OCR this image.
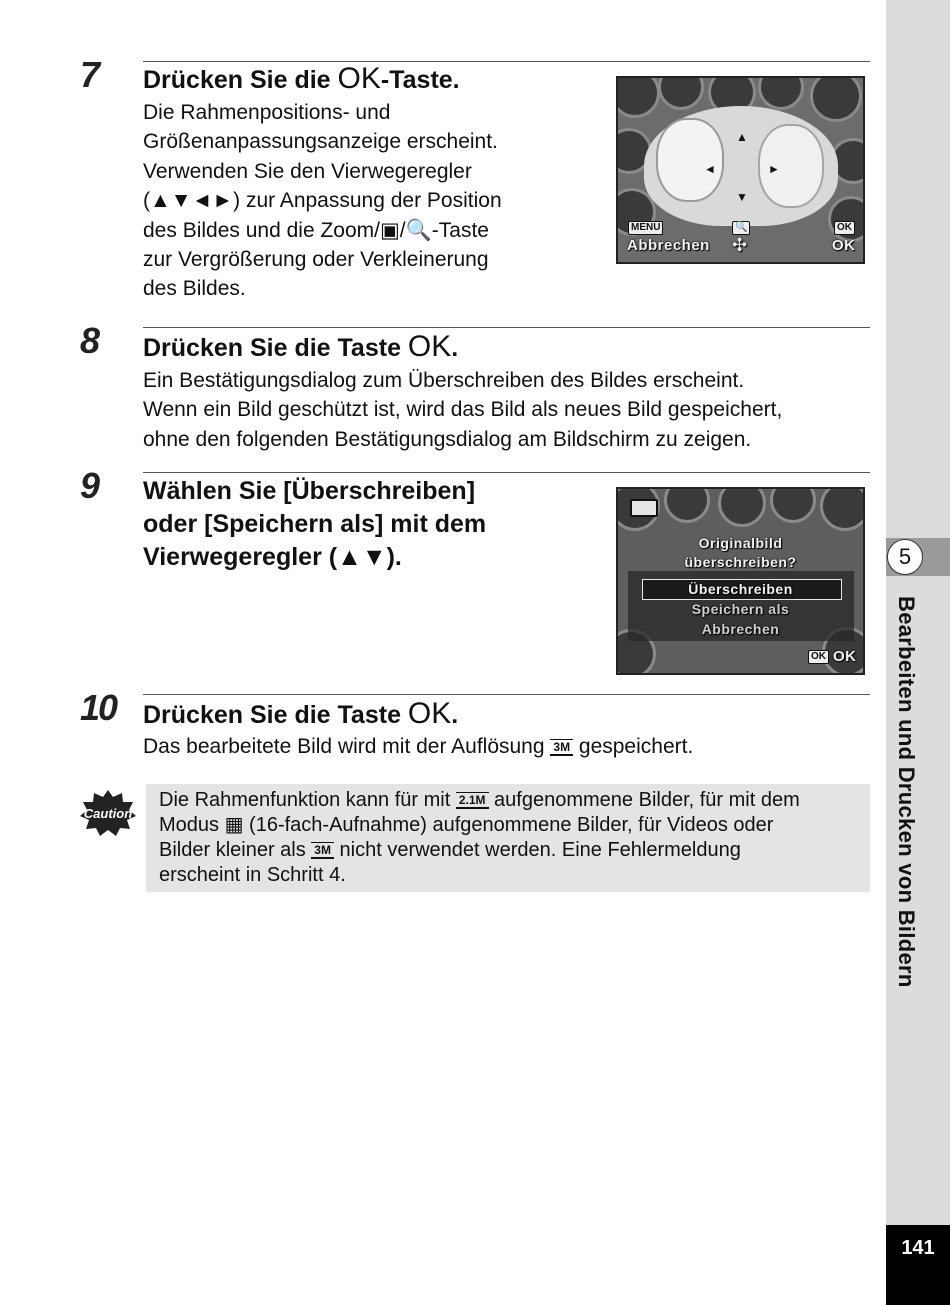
5
Bearbeiten und Drucken von Bildern
141
7 Drücken Sie die OK-Taste.
Die Rahmenpositions- und
Größenanpassungsanzeige erscheint.
Verwenden Sie den Vierwegeregler
(▲▼◄►) zur Anpassung der Position
des Bildes und die Zoom/▣/🔍-Taste
zur Vergrößerung oder Verkleinerung
des Bildes.
▲
◄	►
▼
MENU	🔍	OK
Abbrechen ✣	OK
8 Drücken Sie die Taste OK.
Ein Bestätigungsdialog zum Überschreiben des Bildes erscheint.
Wenn ein Bild geschützt ist, wird das Bild als neues Bild gespeichert,
ohne den folgenden Bestätigungsdialog am Bildschirm zu zeigen.
9 Wählen Sie [Überschreiben]
oder [Speichern als] mit dem
Vierwegeregler (▲▼).	Originalbild
überschreiben?
Überschreiben
Speichern als
Abbrechen
OK OK
10 Drücken Sie die Taste OK.
Das bearbeitete Bild wird mit der Auflösung 3M gespeichert.
Caution
Die Rahmenfunktion kann für mit 2.1M aufgenommene Bilder, für mit dem
Modus ▦ (16-fach-Aufnahme) aufgenommene Bilder, für Videos oder
Bilder kleiner als 3M nicht verwendet werden. Eine Fehlermeldung
erscheint in Schritt 4.
